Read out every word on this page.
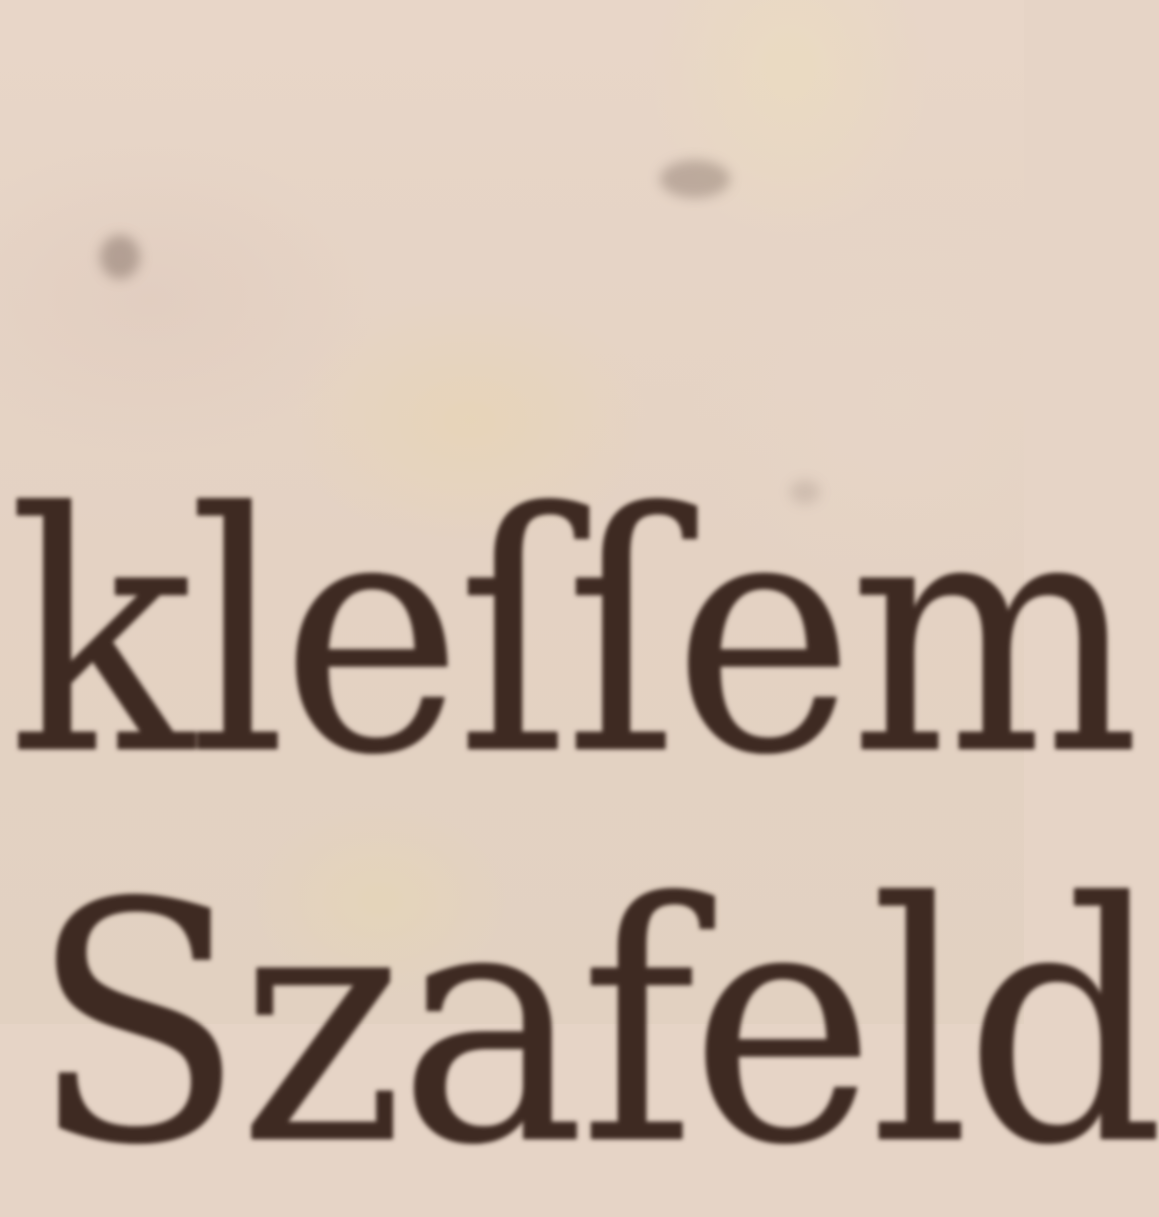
kleſſem

Szafeld
